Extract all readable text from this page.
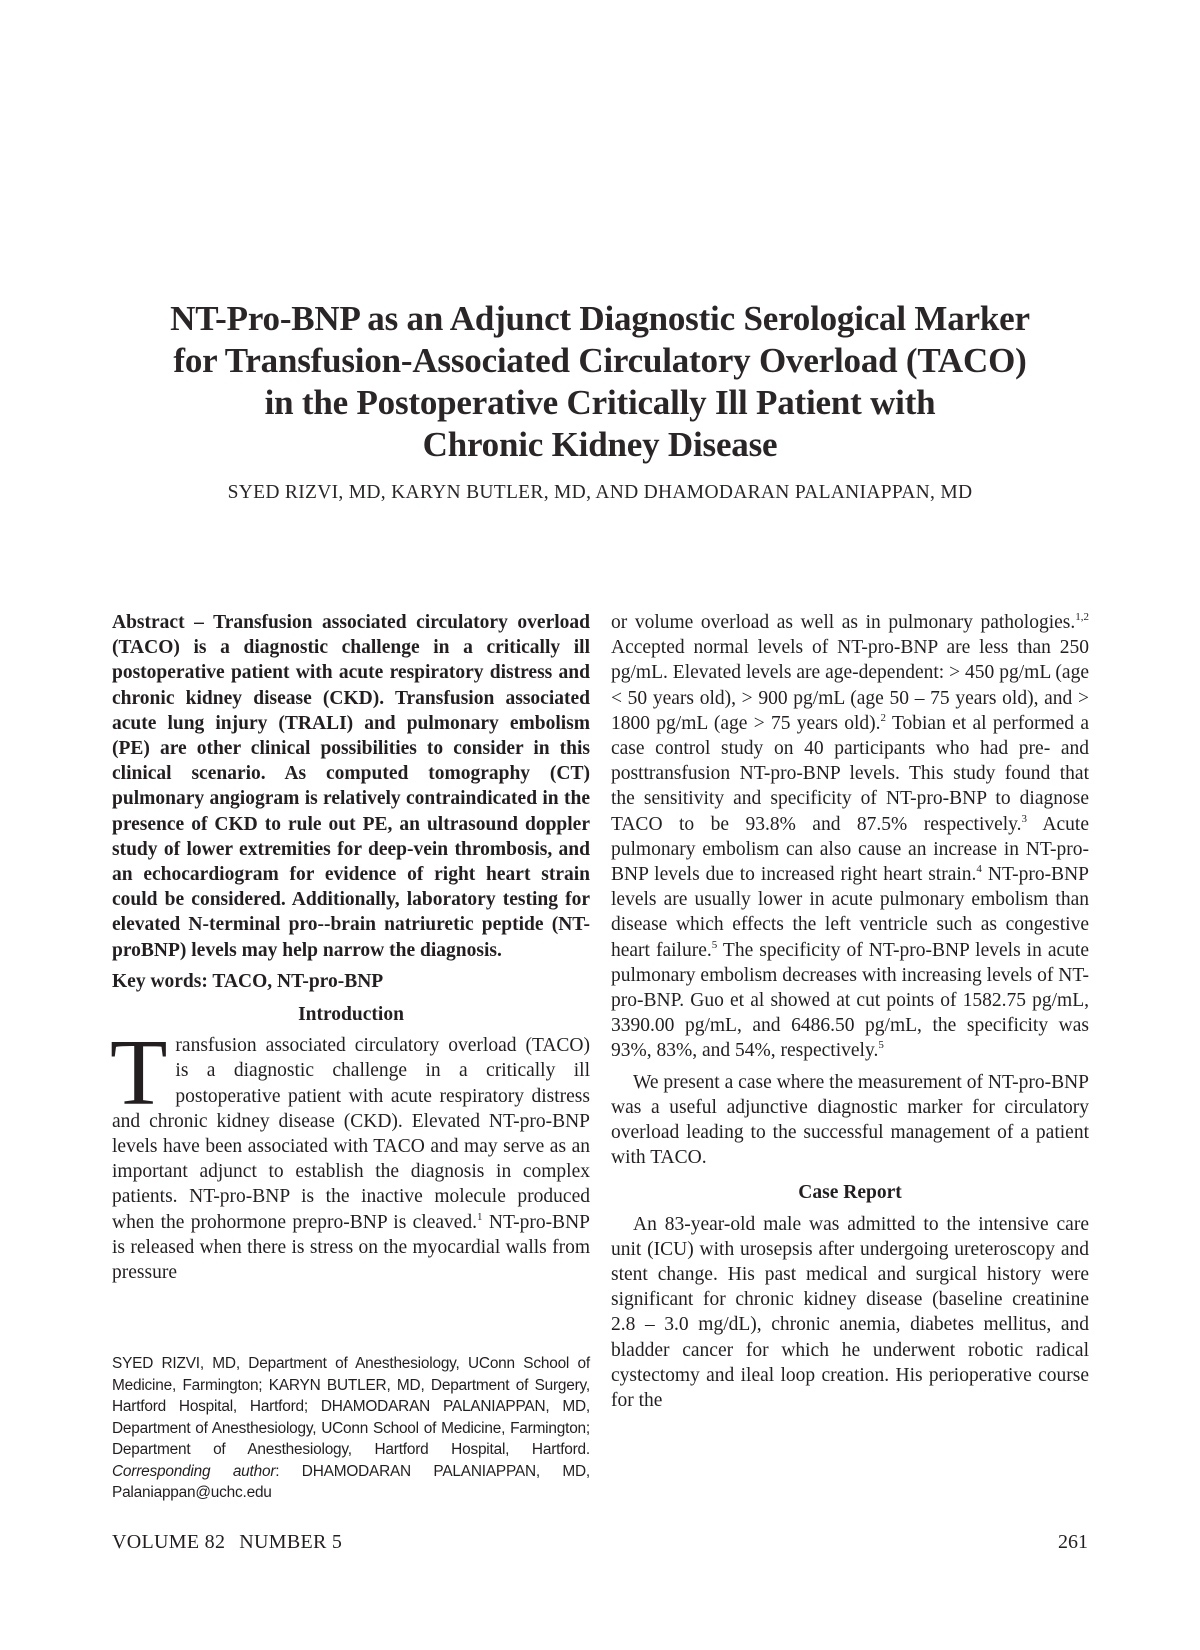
NT-Pro-BNP as an Adjunct Diagnostic Serological Marker
for Transfusion-Associated Circulatory Overload (TACO)
in the Postoperative Critically Ill Patient with
Chronic Kidney Disease
SYED RIZVI, MD, KARYN BUTLER, MD, AND DHAMODARAN PALANIAPPAN, MD

Abstract – Transfusion associated circulatory overload (TACO) is a diagnostic challenge in a critically ill postoperative patient with acute respiratory distress and chronic kidney disease (CKD). Transfusion associated acute lung injury (TRALI) and pulmonary embolism (PE) are other clinical possibilities to consider in this clinical scenario. As computed tomography (CT) pulmonary angiogram is relatively contraindicated in the presence of CKD to rule out PE, an ultrasound doppler study of lower extremities for deep-vein thrombosis, and an echocardiogram for evidence of right heart strain could be considered. Additionally, laboratory testing for elevated N-terminal pro--brain natriuretic peptide (NT-proBNP) levels may help narrow the diagnosis.

Key words: TACO, NT-pro-BNP

Introduction

Transfusion associated circulatory overload (TACO) is a diagnostic challenge in a critically ill postoperative patient with acute respiratory distress and chronic kidney disease (CKD). Elevated NT-pro-BNP levels have been associated with TACO and may serve as an important adjunct to establish the diagnosis in complex patients. NT-pro-BNP is the inactive molecule produced when the prohormone prepro-BNP is cleaved.$^1$ NT-pro-BNP is released when there is stress on the myocardial walls from pressure

SYED RIZVI, MD, Department of Anesthesiology, UConn School of Medicine, Farmington; KARYN BUTLER, MD, Department of Surgery, Hartford Hospital, Hartford; DHAMODARAN PALANIAPPAN, MD, Department of Anesthesiology, UConn School of Medicine, Farmington; Department of Anesthesiology, Hartford Hospital, Hartford. Corresponding author: DHAMODARAN PALANIAPPAN, MD, Palaniappan@uchc.edu

or volume overload as well as in pulmonary pathologies.$^{1,2}$ Accepted normal levels of NT-pro-BNP are less than 250 pg/mL. Elevated levels are age-dependent: > 450 pg/mL (age < 50 years old), > 900 pg/mL (age 50 – 75 years old), and > 1800 pg/mL (age > 75 years old).$^2$ Tobian et al performed a case control study on 40 participants who had pre- and posttransfusion NT-pro-BNP levels. This study found that the sensitivity and specificity of NT-pro-BNP to diagnose TACO to be 93.8% and 87.5% respectively.$^3$ Acute pulmonary embolism can also cause an increase in NT-pro-BNP levels due to increased right heart strain.$^4$ NT-pro-BNP levels are usually lower in acute pulmonary embolism than disease which effects the left ventricle such as congestive heart failure.$^5$ The specificity of NT-pro-BNP levels in acute pulmonary embolism decreases with increasing levels of NT-pro-BNP. Guo et al showed at cut points of 1582.75 pg/mL, 3390.00 pg/mL, and 6486.50 pg/mL, the specificity was 93%, 83%, and 54%, respectively.$^5$

We present a case where the measurement of NT-pro-BNP was a useful adjunctive diagnostic marker for circulatory overload leading to the successful management of a patient with TACO.

Case Report

An 83-year-old male was admitted to the intensive care unit (ICU) with urosepsis after undergoing ureteroscopy and stent change. His past medical and surgical history were significant for chronic kidney disease (baseline creatinine 2.8 – 3.0 mg/dL), chronic anemia, diabetes mellitus, and bladder cancer for which he underwent robotic radical cystectomy and ileal loop creation. His perioperative course for the

VOLUME 82 NUMBER 5	261
